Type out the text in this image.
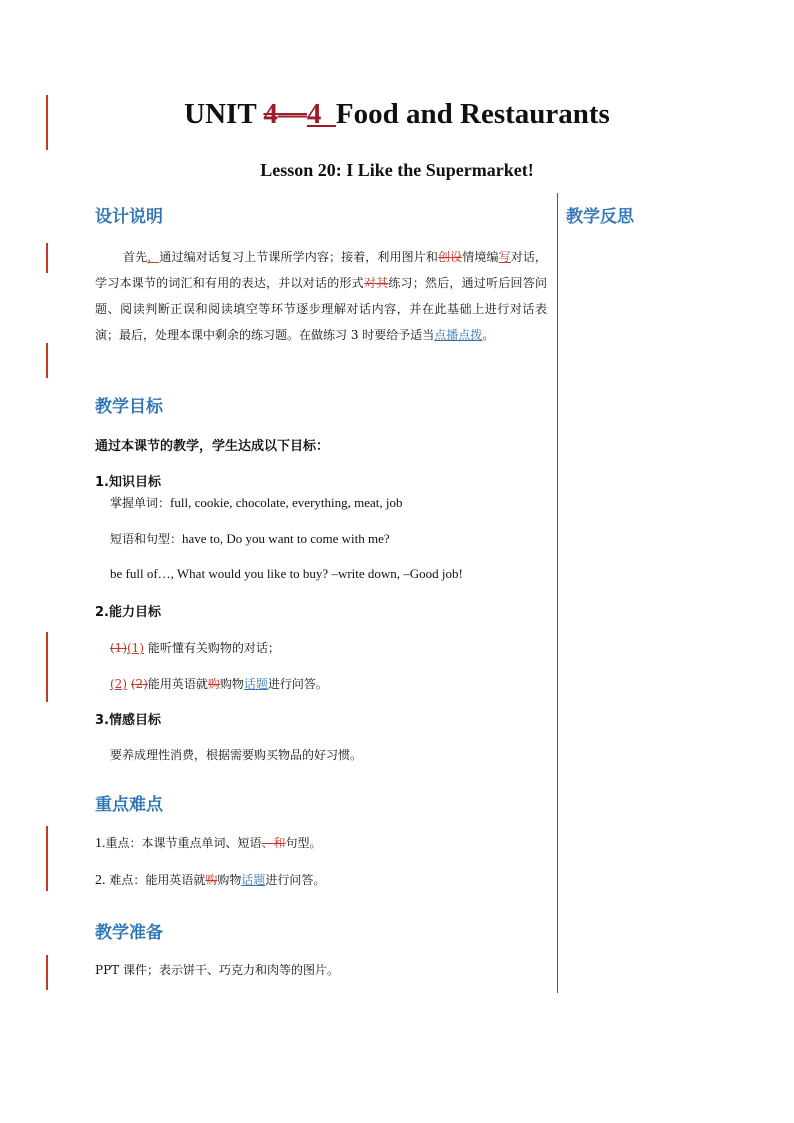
UNIT 4—4 Food and Restaurants
Lesson 20: I Like the Supermarket!
教学反思
设计说明
首先，通过编对话复习上节课所学内容；接着，利用图片和创设情境编写对话，学习本课节的词汇和有用的表达，并以对话的形式对其练习；然后，通过听后回答问题、阅读判断正误和阅读填空等环节逐步理解对话内容，并在此基础上进行对话表演；最后，处理本课中剩余的练习题。在做练习 3 时要给予适当点播点拨。
教学目标
通过本课节的教学，学生达成以下目标：
1.知识目标
掌握单词：full, cookie, chocolate, everything, meat, job
短语和句型：have to, Do you want to come with me?
be full of…, What would you like to buy? –write down, –Good job!
2.能力目标
(1)(1) 能听懂有关购物的对话；
(2) (2)能用英语就购购物话题进行问答。
3.情感目标
要养成理性消费，根据需要购买物品的好习惯。
重点难点
1.重点：本课节重点单词、短语、和句型。
2. 难点：能用英语就购购物话题进行问答。
教学准备
PPT 课件；表示饼干、巧克力和肉等的图片。
